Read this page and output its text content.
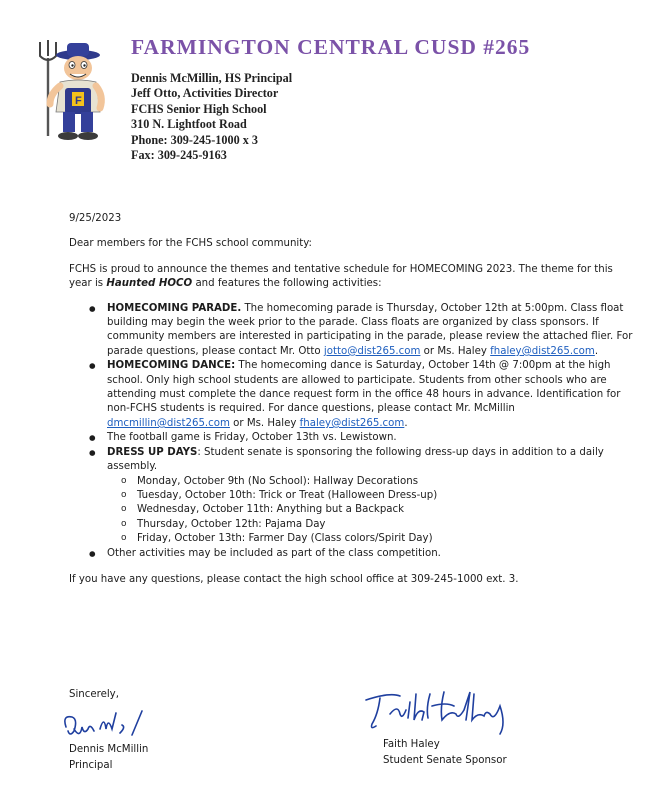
F
FARMINGTON CENTRAL CUSD #265
Dennis McMillin, HS Principal
Jeff Otto, Activities Director
FCHS Senior High School
310 N. Lightfoot Road
Phone: 309-245-1000 x 3
Fax: 309-245-9163
9/25/2023
Dear members for the FCHS school community:
FCHS is proud to announce the themes and tentative schedule for HOMECOMING 2023. The theme for this year is Haunted HOCO and features the following activities:
● HOMECOMING PARADE. The homecoming parade is Thursday, October 12th at 5:00pm. Class float building may begin the week prior to the parade. Class floats are organized by class sponsors. If community members are interested in participating in the parade, please review the attached flier. For parade questions, please contact Mr. Otto jotto@dist265.com or Ms. Haley fhaley@dist265.com.
● HOMECOMING DANCE: The homecoming dance is Saturday, October 14th @ 7:00pm at the high school. Only high school students are allowed to participate. Students from other schools who are attending must complete the dance request form in the office 48 hours in advance. Identification for non-FCHS students is required. For dance questions, please contact Mr. McMillin dmcmillin@dist265.com or Ms. Haley fhaley@dist265.com.
● The football game is Friday, October 13th vs. Lewistown.
● DRESS UP DAYS: Student senate is sponsoring the following dress-up days in addition to a daily assembly.
o Monday, October 9th (No School): Hallway Decorations
o Tuesday, October 10th: Trick or Treat (Halloween Dress-up)
o Wednesday, October 11th: Anything but a Backpack
o Thursday, October 12th: Pajama Day
o Friday, October 13th: Farmer Day (Class colors/Spirit Day)
● Other activities may be included as part of the class competition.
If you have any questions, please contact the high school office at 309-245-1000 ext. 3.
Sincerely,
Dennis McMillin
Principal
Faith Haley
Student Senate Sponsor
